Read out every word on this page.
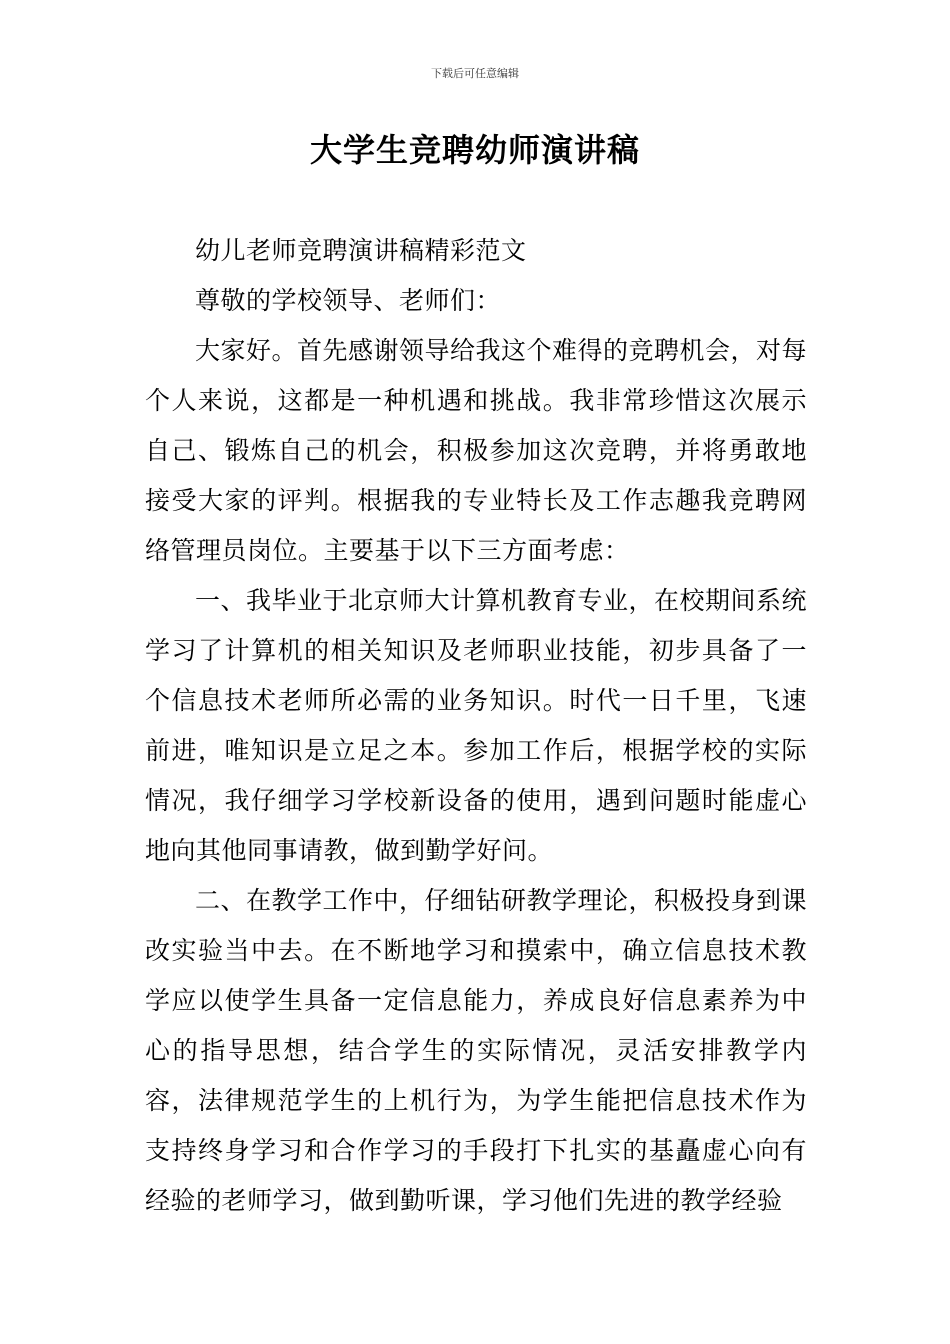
下载后可任意编辑
大学生竞聘幼师演讲稿

幼儿老师竞聘演讲稿精彩范文

尊敬的学校领导、老师们：

大家好。首先感谢领导给我这个难得的竞聘机会，对每个人来说，这都是一种机遇和挑战。我非常珍惜这次展示自己、锻炼自己的机会，积极参加这次竞聘，并将勇敢地接受大家的评判。根据我的专业特长及工作志趣我竞聘网络管理员岗位。主要基于以下三方面考虑：

一、我毕业于北京师大计算机教育专业，在校期间系统学习了计算机的相关知识及老师职业技能，初步具备了一个信息技术老师所必需的业务知识。时代一日千里，飞速前进，唯知识是立足之本。参加工作后，根据学校的实际情况，我仔细学习学校新设备的使用，遇到问题时能虚心地向其他同事请教，做到勤学好问。

二、在教学工作中，仔细钻研教学理论，积极投身到课改实验当中去。在不断地学习和摸索中，确立信息技术教学应以使学生具备一定信息能力，养成良好信息素养为中心的指导思想，结合学生的实际情况，灵活安排教学内容，法律规范学生的上机行为，为学生能把信息技术作为支持终身学习和合作学习的手段打下扎实的基矗虚心向有经验的老师学习，做到勤听课，学习他们先进的教学经验
